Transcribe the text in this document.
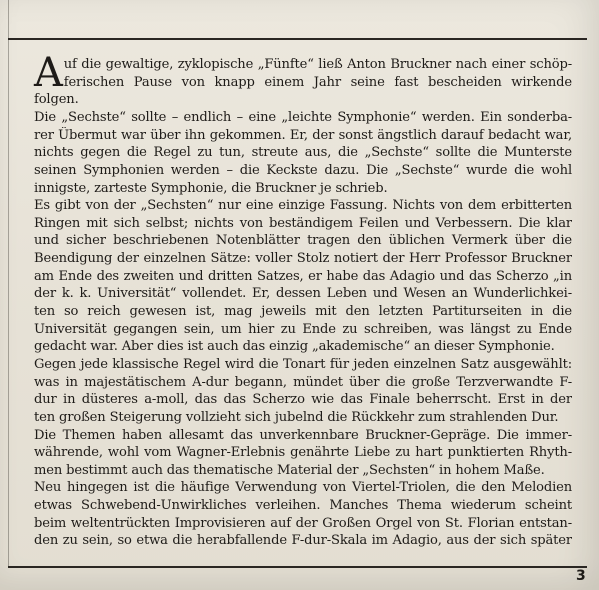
A uf die gewaltige, zyklopische „Fünfte“ ließ Anton Bruckner nach einer schöp-
ferischen Pause von knapp einem Jahr seine fast bescheiden wirkende
folgen.
Die „Sechste“ sollte – endlich – eine „leichte Symphonie“ werden. Ein sonderba-
rer Übermut war über ihn gekommen. Er, der sonst ängstlich darauf bedacht war,
nichts gegen die Regel zu tun, streute aus, die „Sechste“ sollte die Munterste
seinen Symphonien werden – die Keckste dazu. Die „Sechste“ wurde die wohl
innigste, zarteste Symphonie, die Bruckner je schrieb.
Es gibt von der „Sechsten“ nur eine einzige Fassung. Nichts von dem erbitterten
Ringen mit sich selbst; nichts von beständigem Feilen und Verbessern. Die klar
und sicher beschriebenen Notenblätter tragen den üblichen Vermerk über die
Beendigung der einzelnen Sätze: voller Stolz notiert der Herr Professor Bruckner
am Ende des zweiten und dritten Satzes, er habe das Adagio und das Scherzo „in
der k. k. Universität“ vollendet. Er, dessen Leben und Wesen an Wunderlichkei-
ten so reich gewesen ist, mag jeweils mit den letzten Partiturseiten in die
Universität gegangen sein, um hier zu Ende zu schreiben, was längst zu Ende
gedacht war. Aber dies ist auch das einzig „akademische“ an dieser Symphonie.
Gegen jede klassische Regel wird die Tonart für jeden einzelnen Satz ausgewählt:
was in majestätischem A-dur begann, mündet über die große Terzverwandte F-
dur in düsteres a-moll, das das Scherzo wie das Finale beherrscht. Erst in der
ten großen Steigerung vollzieht sich jubelnd die Rückkehr zum strahlenden Dur.
Die Themen haben allesamt das unverkennbare Bruckner-Gepräge. Die immer-
währende, wohl vom Wagner-Erlebnis genährte Liebe zu hart punktierten Rhyth-
men bestimmt auch das thematische Material der „Sechsten“ in hohem Maße.
Neu hingegen ist die häufige Verwendung von Viertel-Triolen, die den Melodien
etwas Schwebend-Unwirkliches verleihen. Manches Thema wiederum scheint
beim weltentrückten Improvisieren auf der Großen Orgel von St. Florian entstan-
den zu sein, so etwa die herabfallende F-dur-Skala im Adagio, aus der sich später
3
